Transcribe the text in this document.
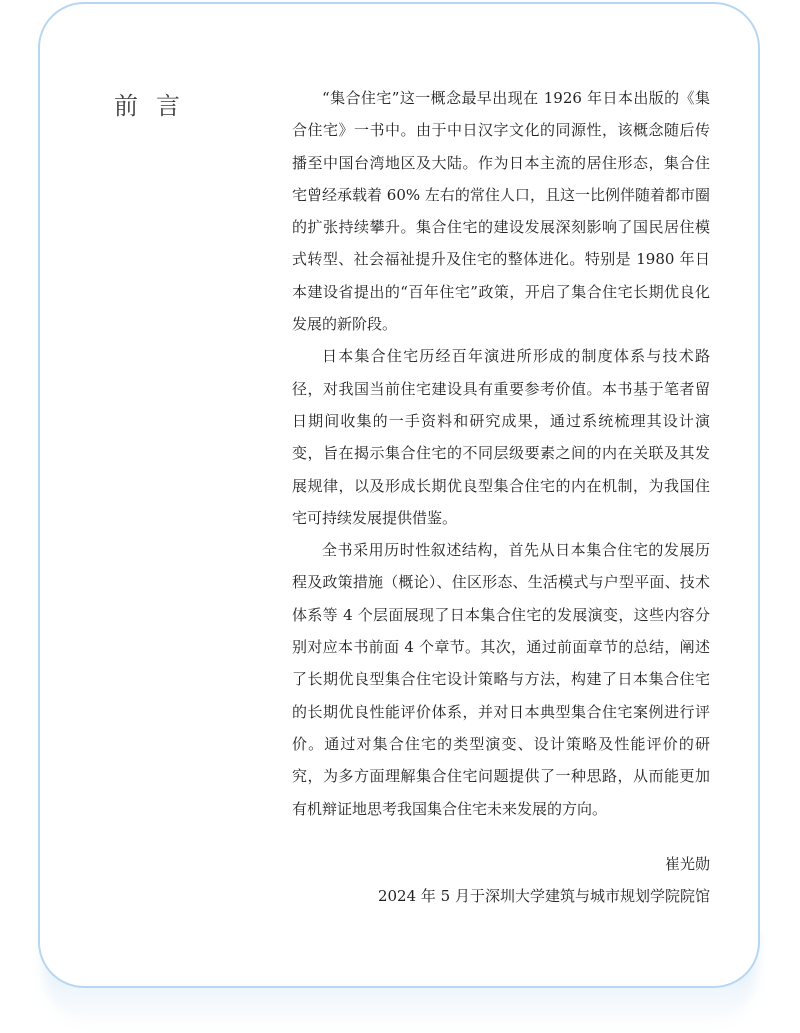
前言	“集合住宅”这一概念最早出现在 1926 年日本出版的《集合住宅》一书中。由于中日汉字文化的同源性，该概念随后传播至中国台湾地区及大陆。作为日本主流的居住形态，集合住宅曾经承载着 60% 左右的常住人口，且这一比例伴随着都市圈的扩张持续攀升。集合住宅的建设发展深刻影响了国民居住模式转型、社会福祉提升及住宅的整体进化。特别是 1980 年日本建设省提出的“百年住宅”政策，开启了集合住宅长期优良化发展的新阶段。

日本集合住宅历经百年演进所形成的制度体系与技术路径，对我国当前住宅建设具有重要参考价值。本书基于笔者留日期间收集的一手资料和研究成果，通过系统梳理其设计演变，旨在揭示集合住宅的不同层级要素之间的内在关联及其发展规律，以及形成长期优良型集合住宅的内在机制，为我国住宅可持续发展提供借鉴。

全书采用历时性叙述结构，首先从日本集合住宅的发展历程及政策措施（概论）、住区形态、生活模式与户型平面、技术体系等 4 个层面展现了日本集合住宅的发展演变，这些内容分别对应本书前面 4 个章节。其次，通过前面章节的总结，阐述了长期优良型集合住宅设计策略与方法，构建了日本集合住宅的长期优良性能评价体系，并对日本典型集合住宅案例进行评价。通过对集合住宅的类型演变、设计策略及性能评价的研究，为多方面理解集合住宅问题提供了一种思路，从而能更加有机辩证地思考我国集合住宅未来发展的方向。

崔光勋
2024 年 5 月于深圳大学建筑与城市规划学院院馆
